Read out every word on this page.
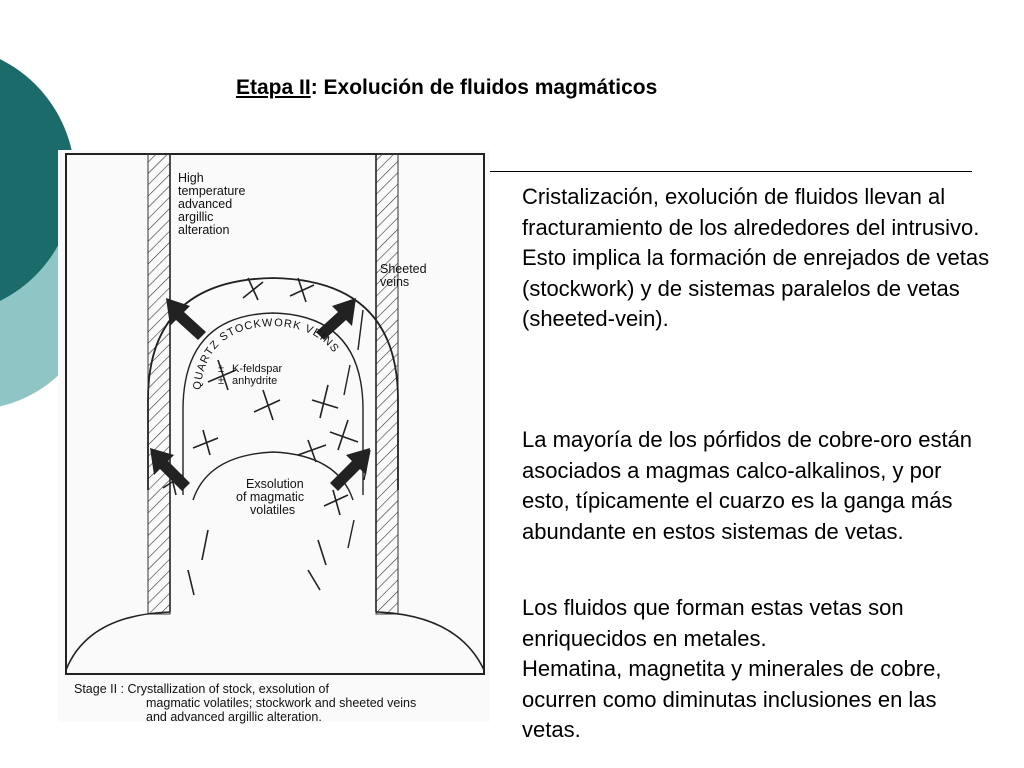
Etapa II: Exolución de fluidos magmáticos
Cristalización, exolución de fluidos llevan al fracturamiento de los alrededores del intrusivo. Esto implica la formación de enrejados de vetas (stockwork) y de sistemas paralelos de vetas (sheeted-vein).
La mayoría de los pórfidos de cobre-oro están asociados a magmas calco-alkalinos, y por esto, típicamente el cuarzo es la ganga más abundante en estos sistemas de vetas.
Los fluidos que forman estas vetas son enriquecidos en metales.
Hematina, magnetita y minerales de cobre, ocurren como diminutas inclusiones en las vetas.
High
temperature
advanced
argillic
alteration
Sheeted
veins
QUARTZ STOCKWORK VEINS
± K-feldspar
± anhydrite
Exsolution
of magmatic
volatiles
Stage II : Crystallization of stock, exsolution of
magmatic volatiles; stockwork and sheeted veins
and advanced argillic alteration.
